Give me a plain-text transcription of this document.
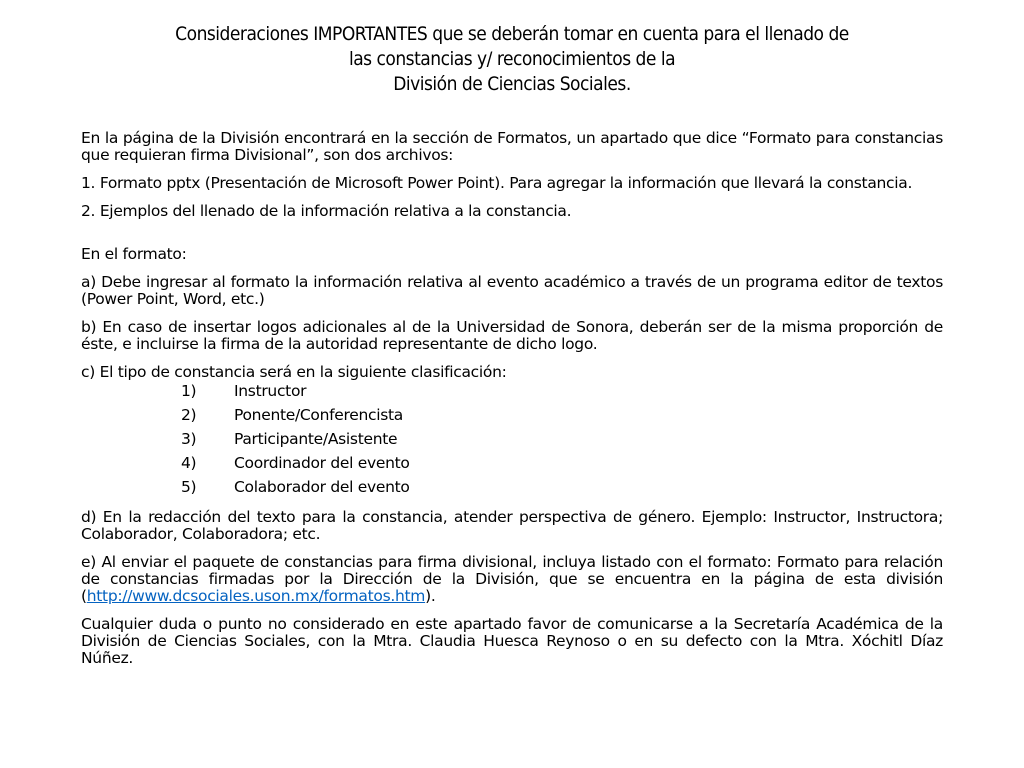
Consideraciones IMPORTANTES que se deberán tomar en cuenta para el llenado de
las constancias y/ reconocimientos de la
División de Ciencias Sociales.

En la página de la División encontrará en la sección de Formatos, un apartado que dice “Formato para constancias que requieran firma Divisional”, son dos archivos:

1. Formato pptx (Presentación de Microsoft Power Point). Para agregar la información que llevará la constancia.

2. Ejemplos del llenado de la información relativa a la constancia.

En el formato:

a) Debe ingresar al formato la información relativa al evento académico a través de un programa editor de textos (Power Point, Word, etc.)

b) En caso de insertar logos adicionales al de la Universidad de Sonora, deberán ser de la misma proporción de éste, e incluirse la firma de la autoridad representante de dicho logo.

c) El tipo de constancia será en la siguiente clasificación:

1) Instructor
2) Ponente/Conferencista
3) Participante/Asistente
4) Coordinador del evento
5) Colaborador del evento

d) En la redacción del texto para la constancia, atender perspectiva de género. Ejemplo: Instructor, Instructora; Colaborador, Colaboradora; etc.

e) Al enviar el paquete de constancias para firma divisional, incluya listado con el formato: Formato para relación de constancias firmadas por la Dirección de la División, que se encuentra en la página de esta división (http://www.dcsociales.uson.mx/formatos.htm).

Cualquier duda o punto no considerado en este apartado favor de comunicarse a la Secretaría Académica de la División de Ciencias Sociales, con la Mtra. Claudia Huesca Reynoso o en su defecto con la Mtra. Xóchitl Díaz Núñez.
